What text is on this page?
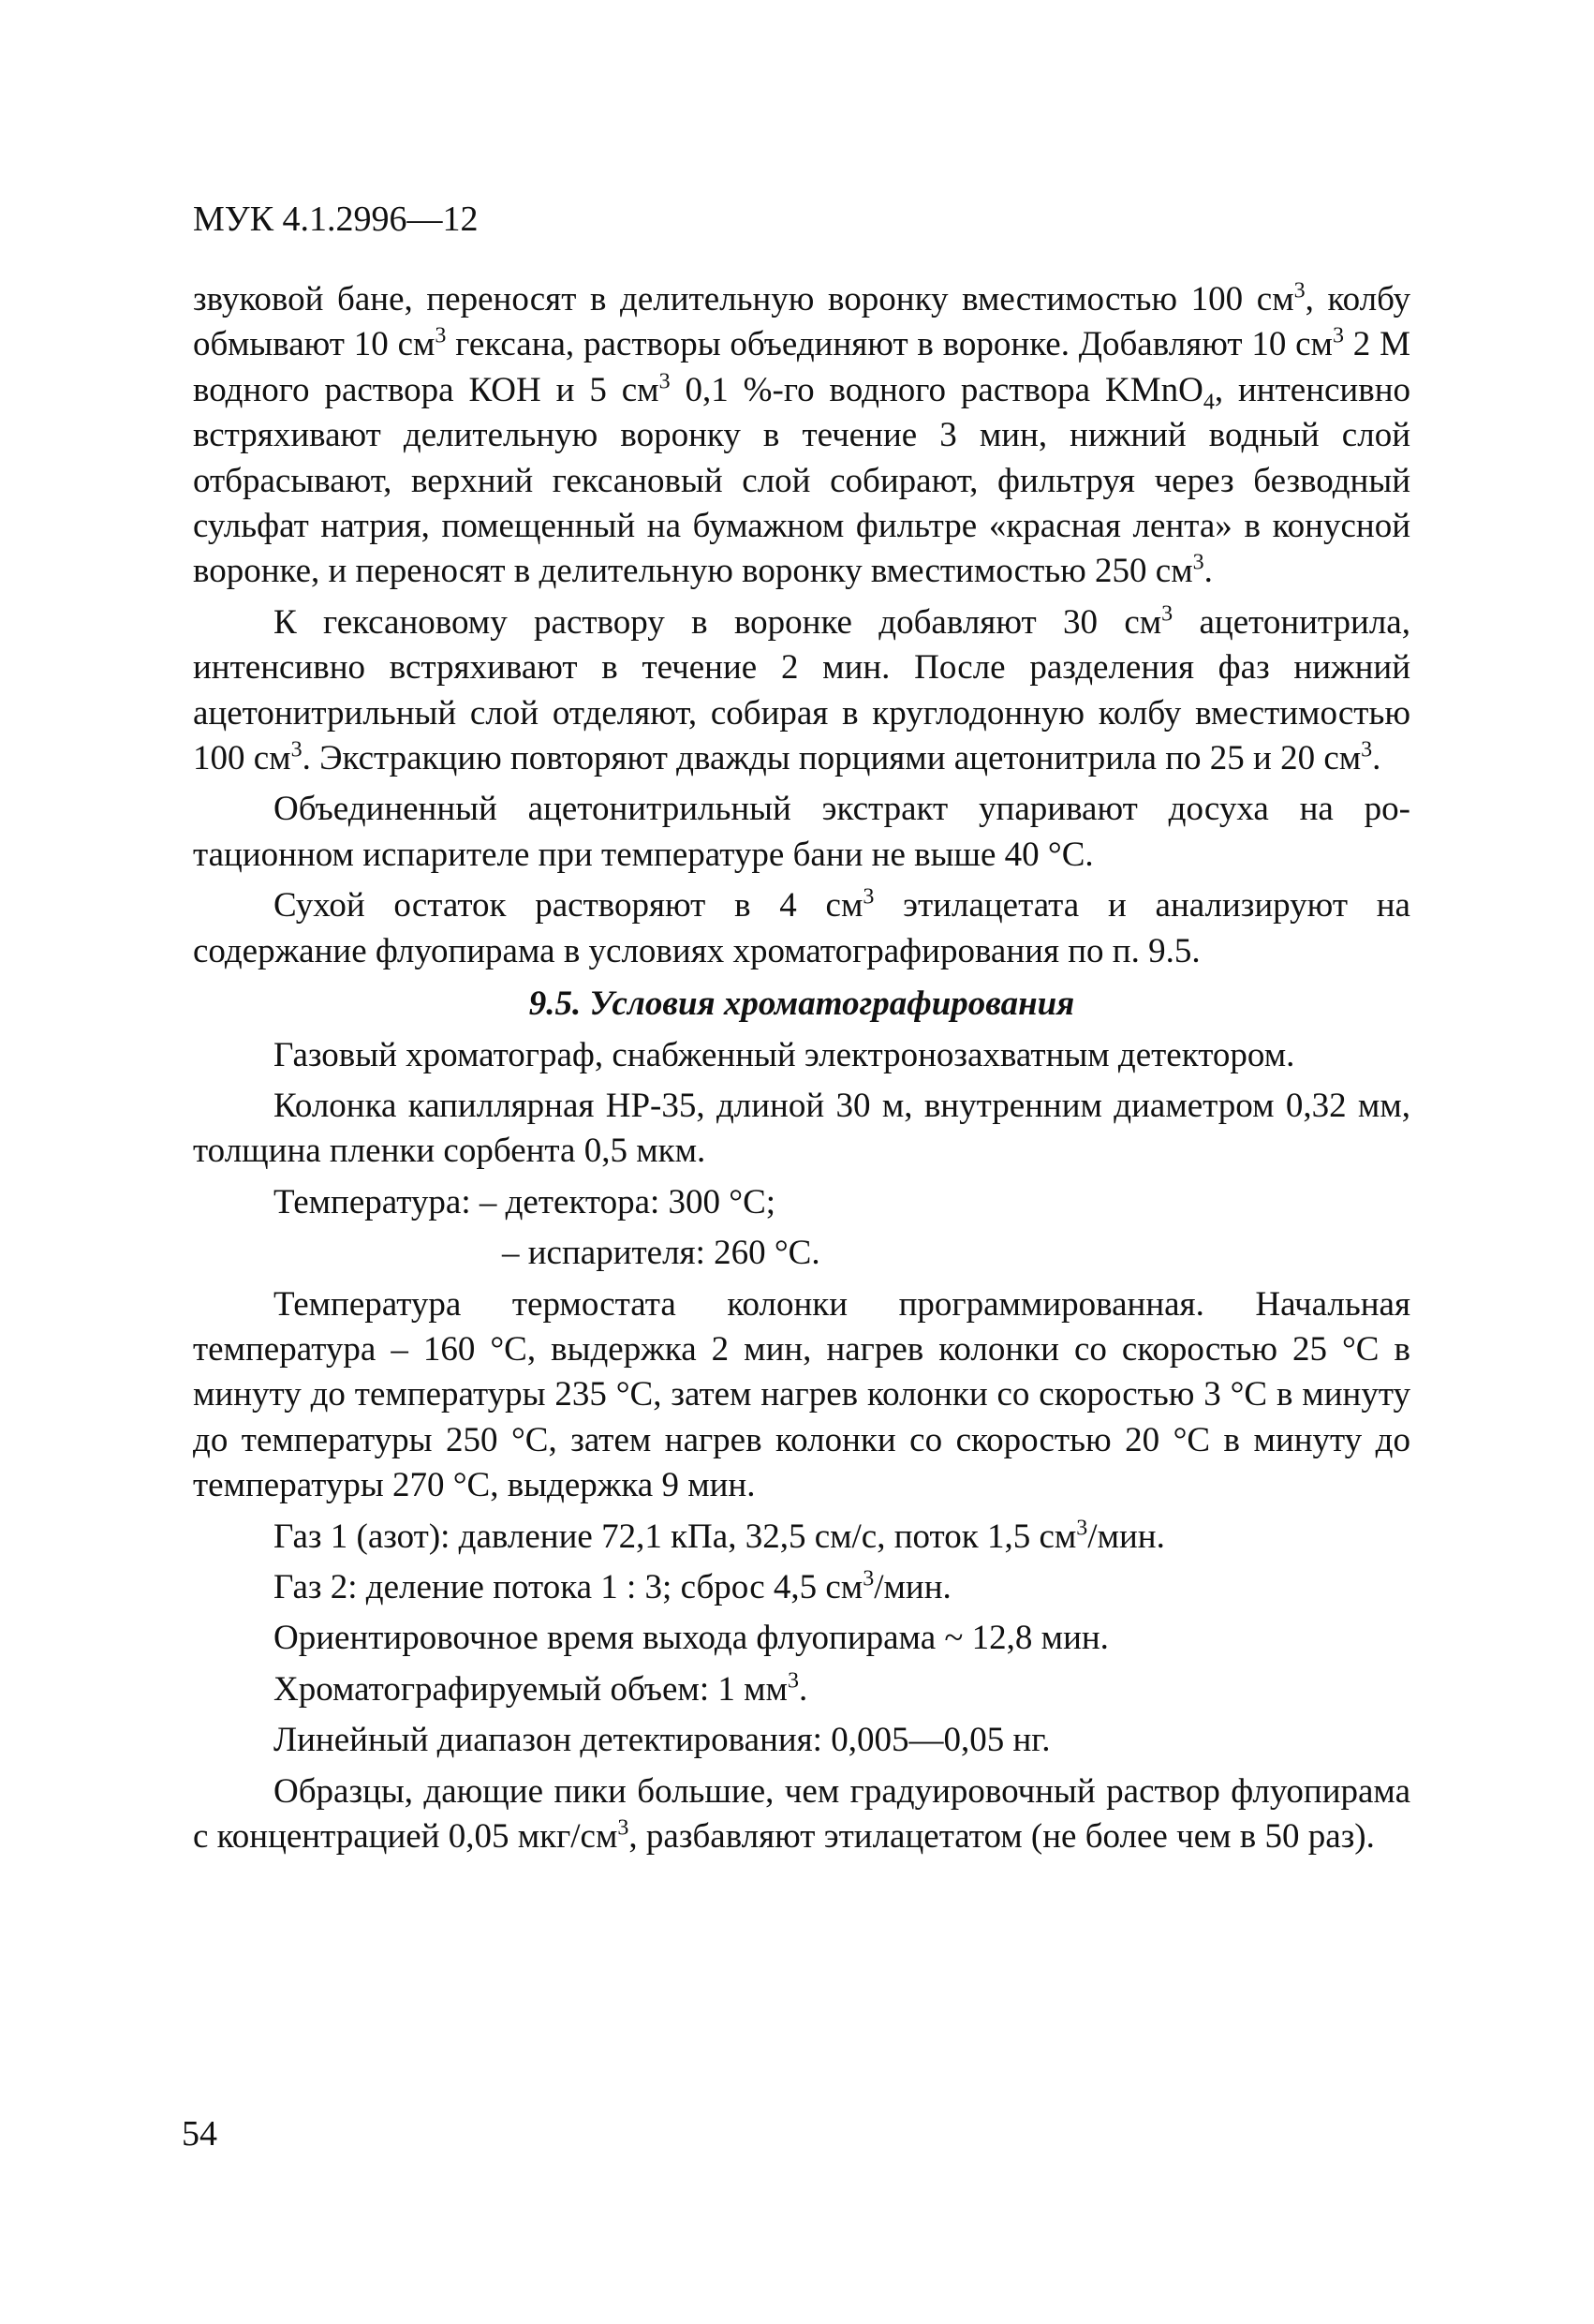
МУК 4.1.2996—12

звуковой бане, переносят в делительную воронку вместимостью 100 $см^3$, колбу обмывают 10 $см^3$ гексана, растворы объединяют в воронке. Добавляют 10 $см^3$ 2 М водного раствора КОН и 5 $см^3$ 0,1 %-го водного раствора KMnO$_4$, интенсивно встряхивают делительную воронку в течение 3 мин, нижний водный слой отбрасывают, верхний гексановый слой собирают, фильтруя через безводный сульфат натрия, помещенный на бумажном фильтре «красная лента» в конусной воронке, и переносят в делительную воронку вместимостью 250 $см^3$.

К гексановому раствору в воронке добавляют 30 $см^3$ ацетонитрила, интенсивно встряхивают в течение 2 мин. После разделения фаз нижний ацетонитрильный слой отделяют, собирая в круглодонную колбу вместимостью 100 $см^3$. Экстракцию повторяют дважды порциями ацетонитрила по 25 и 20 $см^3$.

Объединенный ацетонитрильный экстракт упаривают досуха на ротационном испарителе при температуре бани не выше 40 °С.

Сухой остаток растворяют в 4 $см^3$ этилацетата и анализируют на содержание флуопирама в условиях хроматографирования по п. 9.5.

9.5. Условия хроматографирования

Газовый хроматограф, снабженный электронозахватным детектором.

Колонка капиллярная НР-35, длиной 30 м, внутренним диаметром 0,32 мм, толщина пленки сорбента 0,5 мкм.

Температура: – детектора: 300 °С;

– испарителя: 260 °С.

Температура термостата колонки программированная. Начальная температура – 160 °С, выдержка 2 мин, нагрев колонки со скоростью 25 °С в минуту до температуры 235 °С, затем нагрев колонки со скоростью 3 °С в минуту до температуры 250 °С, затем нагрев колонки со скоростью 20 °С в минуту до температуры 270 °С, выдержка 9 мин.

Газ 1 (азот): давление 72,1 кПа, 32,5 см/с, поток 1,5 $см^3$/мин.

Газ 2: деление потока 1 : 3; сброс 4,5 $см^3$/мин.

Ориентировочное время выхода флуопирама ~ 12,8 мин.

Хроматографируемый объем: 1 $мм^3$.

Линейный диапазон детектирования: 0,005—0,05 нг.

Образцы, дающие пики большие, чем градуировочный раствор флуопирама с концентрацией 0,05 мкг/$см^3$, разбавляют этилацетатом (не более чем в 50 раз).

54
